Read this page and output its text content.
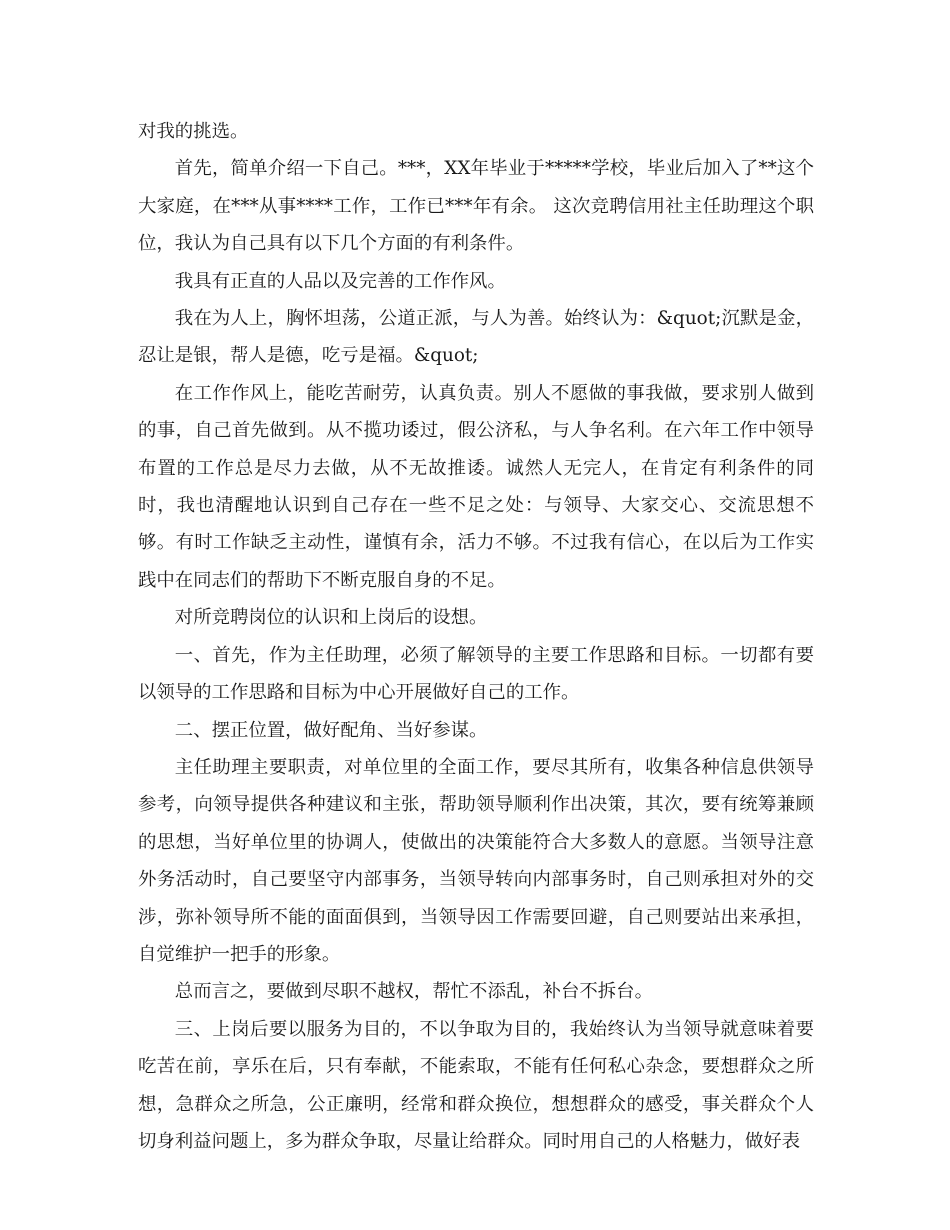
对我的挑选。

首先，简单介绍一下自己。***，XX年毕业于*****学校，毕业后加入了**这个大家庭，在***从事****工作，工作已***年有余。 这次竞聘信用社主任助理这个职位，我认为自己具有以下几个方面的有利条件。

我具有正直的人品以及完善的工作作风。

我在为人上，胸怀坦荡，公道正派，与人为善。始终认为：&quot;沉默是金，忍让是银，帮人是德，吃亏是福。&quot;

在工作作风上，能吃苦耐劳，认真负责。别人不愿做的事我做，要求别人做到的事，自己首先做到。从不揽功诿过，假公济私，与人争名利。在六年工作中领导布置的工作总是尽力去做，从不无故推诿。诚然人无完人，在肯定有利条件的同时，我也清醒地认识到自己存在一些不足之处：与领导、大家交心、交流思想不够。有时工作缺乏主动性，谨慎有余，活力不够。不过我有信心，在以后为工作实践中在同志们的帮助下不断克服自身的不足。

对所竞聘岗位的认识和上岗后的设想。

一、首先，作为主任助理，必须了解领导的主要工作思路和目标。一切都有要以领导的工作思路和目标为中心开展做好自己的工作。

二、摆正位置，做好配角、当好参谋。

主任助理主要职责，对单位里的全面工作，要尽其所有，收集各种信息供领导参考，向领导提供各种建议和主张，帮助领导顺利作出决策，其次，要有统筹兼顾的思想，当好单位里的协调人，使做出的决策能符合大多数人的意愿。当领导注意外务活动时，自己要坚守内部事务，当领导转向内部事务时，自己则承担对外的交涉，弥补领导所不能的面面俱到，当领导因工作需要回避，自己则要站出来承担，自觉维护一把手的形象。

总而言之，要做到尽职不越权，帮忙不添乱，补台不拆台。

三、上岗后要以服务为目的，不以争取为目的，我始终认为当领导就意味着要吃苦在前，享乐在后，只有奉献，不能索取，不能有任何私心杂念，要想群众之所想，急群众之所急，公正廉明，经常和群众换位，想想群众的感受，事关群众个人切身利益问题上，多为群众争取，尽量让给群众。同时用自己的人格魅力，做好表
